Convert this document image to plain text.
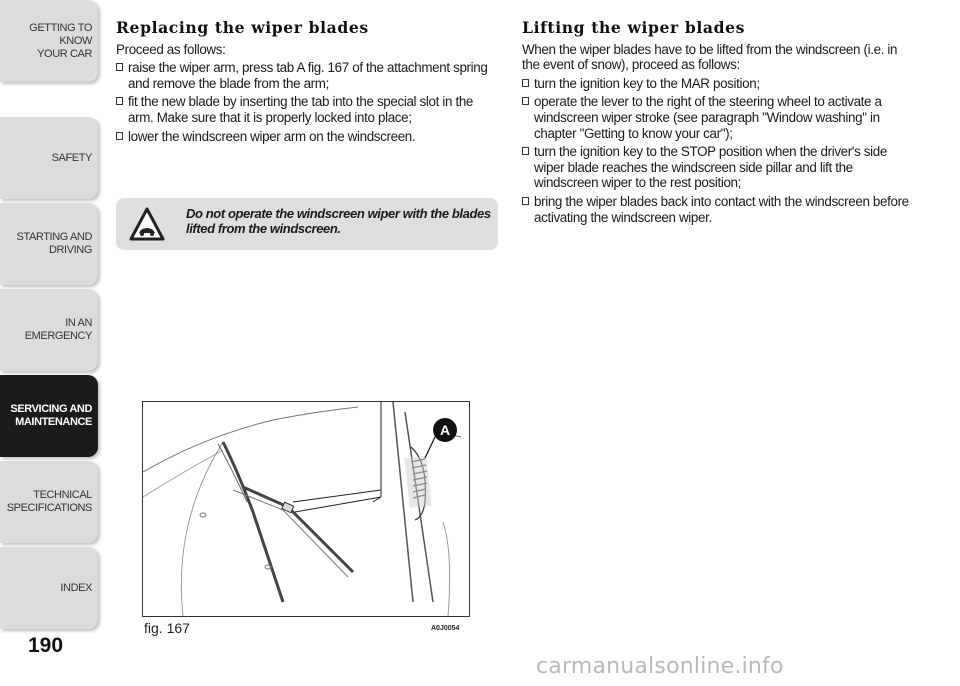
GETTING TO KNOW
YOUR CAR
SAFETY
STARTING AND
DRIVING
IN AN EMERGENCY
SERVICING AND
MAINTENANCE
TECHNICAL
SPECIFICATIONS
INDEX
190
Replacing the wiper blades

Proceed as follows:

raise the wiper arm, press tab A fig. 167 of the attachment spring and remove the blade from the arm;
fit the new blade by inserting the tab into the special slot in the arm. Make sure that it is properly locked into place;
lower the windscreen wiper arm on the windscreen.
Do not operate the windscreen wiper with the blades lifted from the windscreen.
Lifting the wiper blades

When the wiper blades have to be lifted from the windscreen (i.e. in the event of snow), proceed as follows:

turn the ignition key to the MAR position;
operate the lever to the right of the steering wheel to activate a windscreen wiper stroke (see paragraph "Window washing" in chapter "Getting to know your car");
turn the ignition key to the STOP position when the driver's side wiper blade reaches the windscreen side pillar and lift the windscreen wiper to the rest position;
bring the wiper blades back into contact with the windscreen before activating the windscreen wiper.
A
fig. 167	A0J0054
carmanualsonline.info
